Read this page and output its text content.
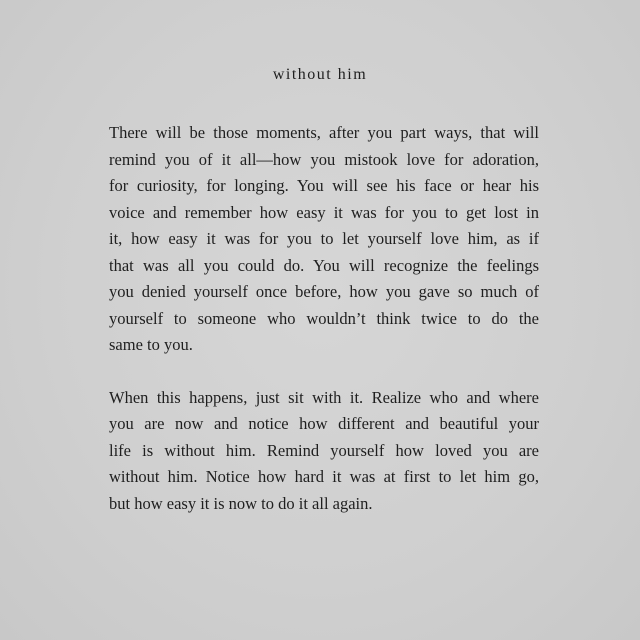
without him
There will be those moments, after you part ways, that will
remind you of it all—how you mistook love for adoration,
for curiosity, for longing. You will see his face or hear his
voice and remember how easy it was for you to get lost in
it, how easy it was for you to let yourself love him, as if
that was all you could do. You will recognize the feelings
you denied yourself once before, how you gave so much of
yourself to someone who wouldn’t think twice to do the
same to you.
When this happens, just sit with it. Realize who and where
you are now and notice how different and beautiful your
life is without him. Remind yourself how loved you are
without him. Notice how hard it was at first to let him go,
but how easy it is now to do it all again.
